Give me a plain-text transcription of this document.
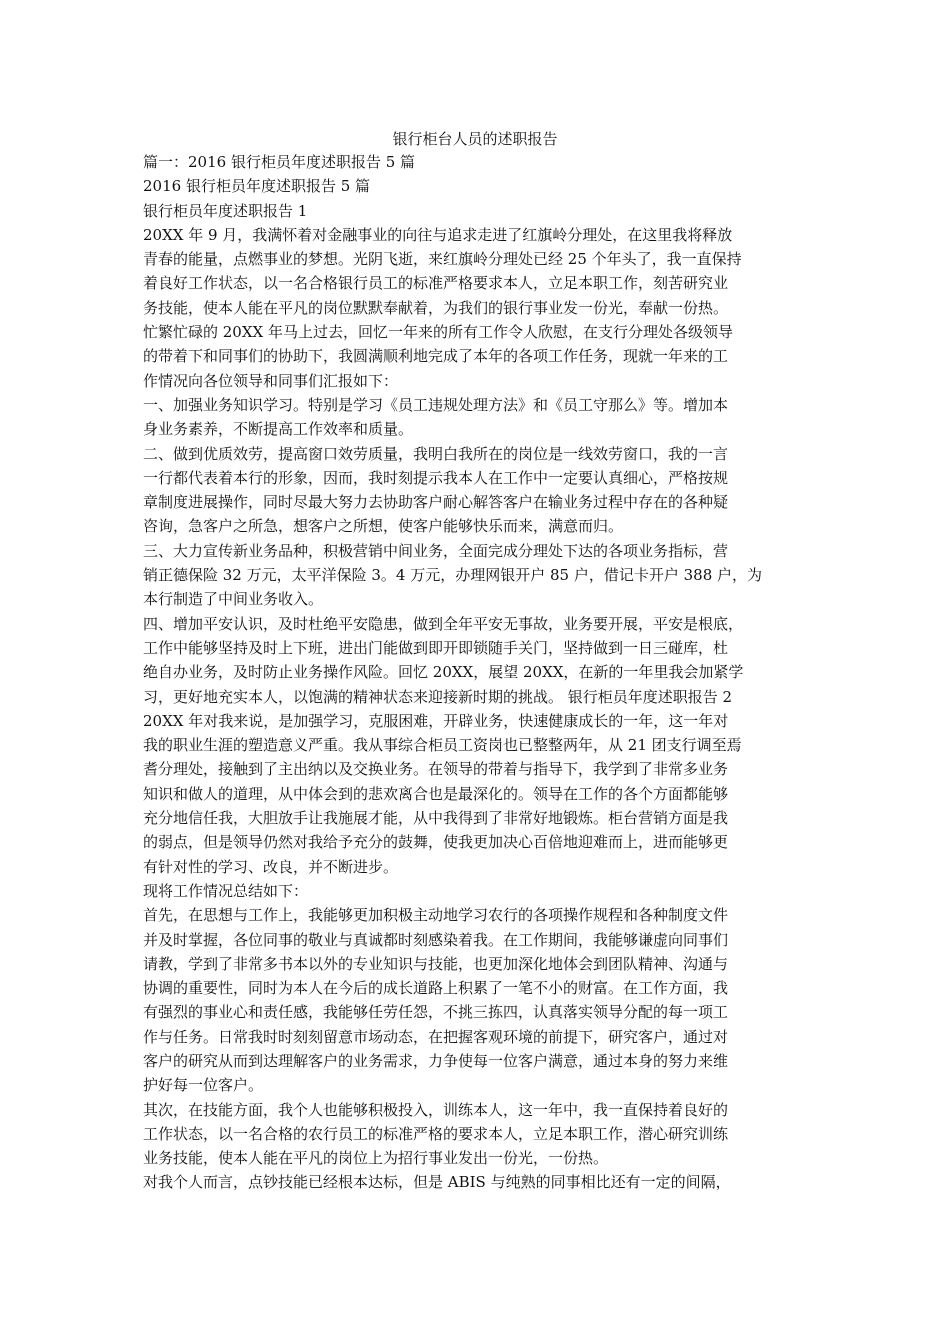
银行柜台人员的述职报告
篇一：2016 银行柜员年度述职报告 5 篇
2016 银行柜员年度述职报告 5 篇
银行柜员年度述职报告 1
20XX 年 9 月，我满怀着对金融事业的向往与追求走进了红旗岭分理处，在这里我将释放
青春的能量，点燃事业的梦想。光阴飞逝，来红旗岭分理处已经 25 个年头了，我一直保持
着良好工作状态，以一名合格银行员工的标准严格要求本人，立足本职工作，刻苦研究业
务技能，使本人能在平凡的岗位默默奉献着，为我们的银行事业发一份光，奉献一份热。
忙繁忙碌的 20XX 年马上过去，回忆一年来的所有工作令人欣慰，在支行分理处各级领导
的带着下和同事们的协助下，我圆满顺利地完成了本年的各项工作任务，现就一年来的工
作情况向各位领导和同事们汇报如下：
一、加强业务知识学习。特别是学习《员工违规处理方法》和《员工守那么》等。增加本
身业务素养，不断提高工作效率和质量。
二、做到优质效劳，提高窗口效劳质量，我明白我所在的岗位是一线效劳窗口，我的一言
一行都代表着本行的形象，因而，我时刻提示我本人在工作中一定要认真细心，严格按规
章制度进展操作，同时尽最大努力去协助客户耐心解答客户在输业务过程中存在的各种疑
咨询，急客户之所急，想客户之所想，使客户能够快乐而来，满意而归。
三、大力宣传新业务品种，积极营销中间业务，全面完成分理处下达的各项业务指标，营
销正德保险 32 万元，太平洋保险 3。4 万元，办理网银开户 85 户，借记卡开户 388 户，为
本行制造了中间业务收入。
四、增加平安认识，及时杜绝平安隐患，做到全年平安无事故，业务要开展，平安是根底，
工作中能够坚持及时上下班，进出门能做到即开即锁随手关门，坚持做到一日三碰库，杜
绝自办业务，及时防止业务操作风险。回忆 20XX，展望 20XX，在新的一年里我会加紧学
习，更好地充实本人，以饱满的精神状态来迎接新时期的挑战。 银行柜员年度述职报告 2
20XX 年对我来说，是加强学习，克服困难，开辟业务，快速健康成长的一年，这一年对
我的职业生涯的塑造意义严重。我从事综合柜员工资岗也已整整两年，从 21 团支行调至焉
耆分理处，接触到了主出纳以及交换业务。在领导的带着与指导下，我学到了非常多业务
知识和做人的道理，从中体会到的悲欢离合也是最深化的。领导在工作的各个方面都能够
充分地信任我，大胆放手让我施展才能，从中我得到了非常好地锻炼。柜台营销方面是我
的弱点，但是领导仍然对我给予充分的鼓舞，使我更加决心百倍地迎难而上，进而能够更
有针对性的学习、改良，并不断进步。
现将工作情况总结如下：
首先，在思想与工作上，我能够更加积极主动地学习农行的各项操作规程和各种制度文件
并及时掌握，各位同事的敬业与真诚都时刻感染着我。在工作期间，我能够谦虚向同事们
请教，学到了非常多书本以外的专业知识与技能，也更加深化地体会到团队精神、沟通与
协调的重要性，同时为本人在今后的成长道路上积累了一笔不小的财富。在工作方面，我
有强烈的事业心和责任感，我能够任劳任怨，不挑三拣四，认真落实领导分配的每一项工
作与任务。日常我时时刻刻留意市场动态，在把握客观环境的前提下，研究客户，通过对
客户的研究从而到达理解客户的业务需求，力争使每一位客户满意，通过本身的努力来维
护好每一位客户。
其次，在技能方面，我个人也能够积极投入，训练本人，这一年中，我一直保持着良好的
工作状态，以一名合格的农行员工的标准严格的要求本人，立足本职工作，潜心研究训练
业务技能，使本人能在平凡的岗位上为招行事业发出一份光，一份热。
对我个人而言，点钞技能已经根本达标，但是 ABIS 与纯熟的同事相比还有一定的间隔，
